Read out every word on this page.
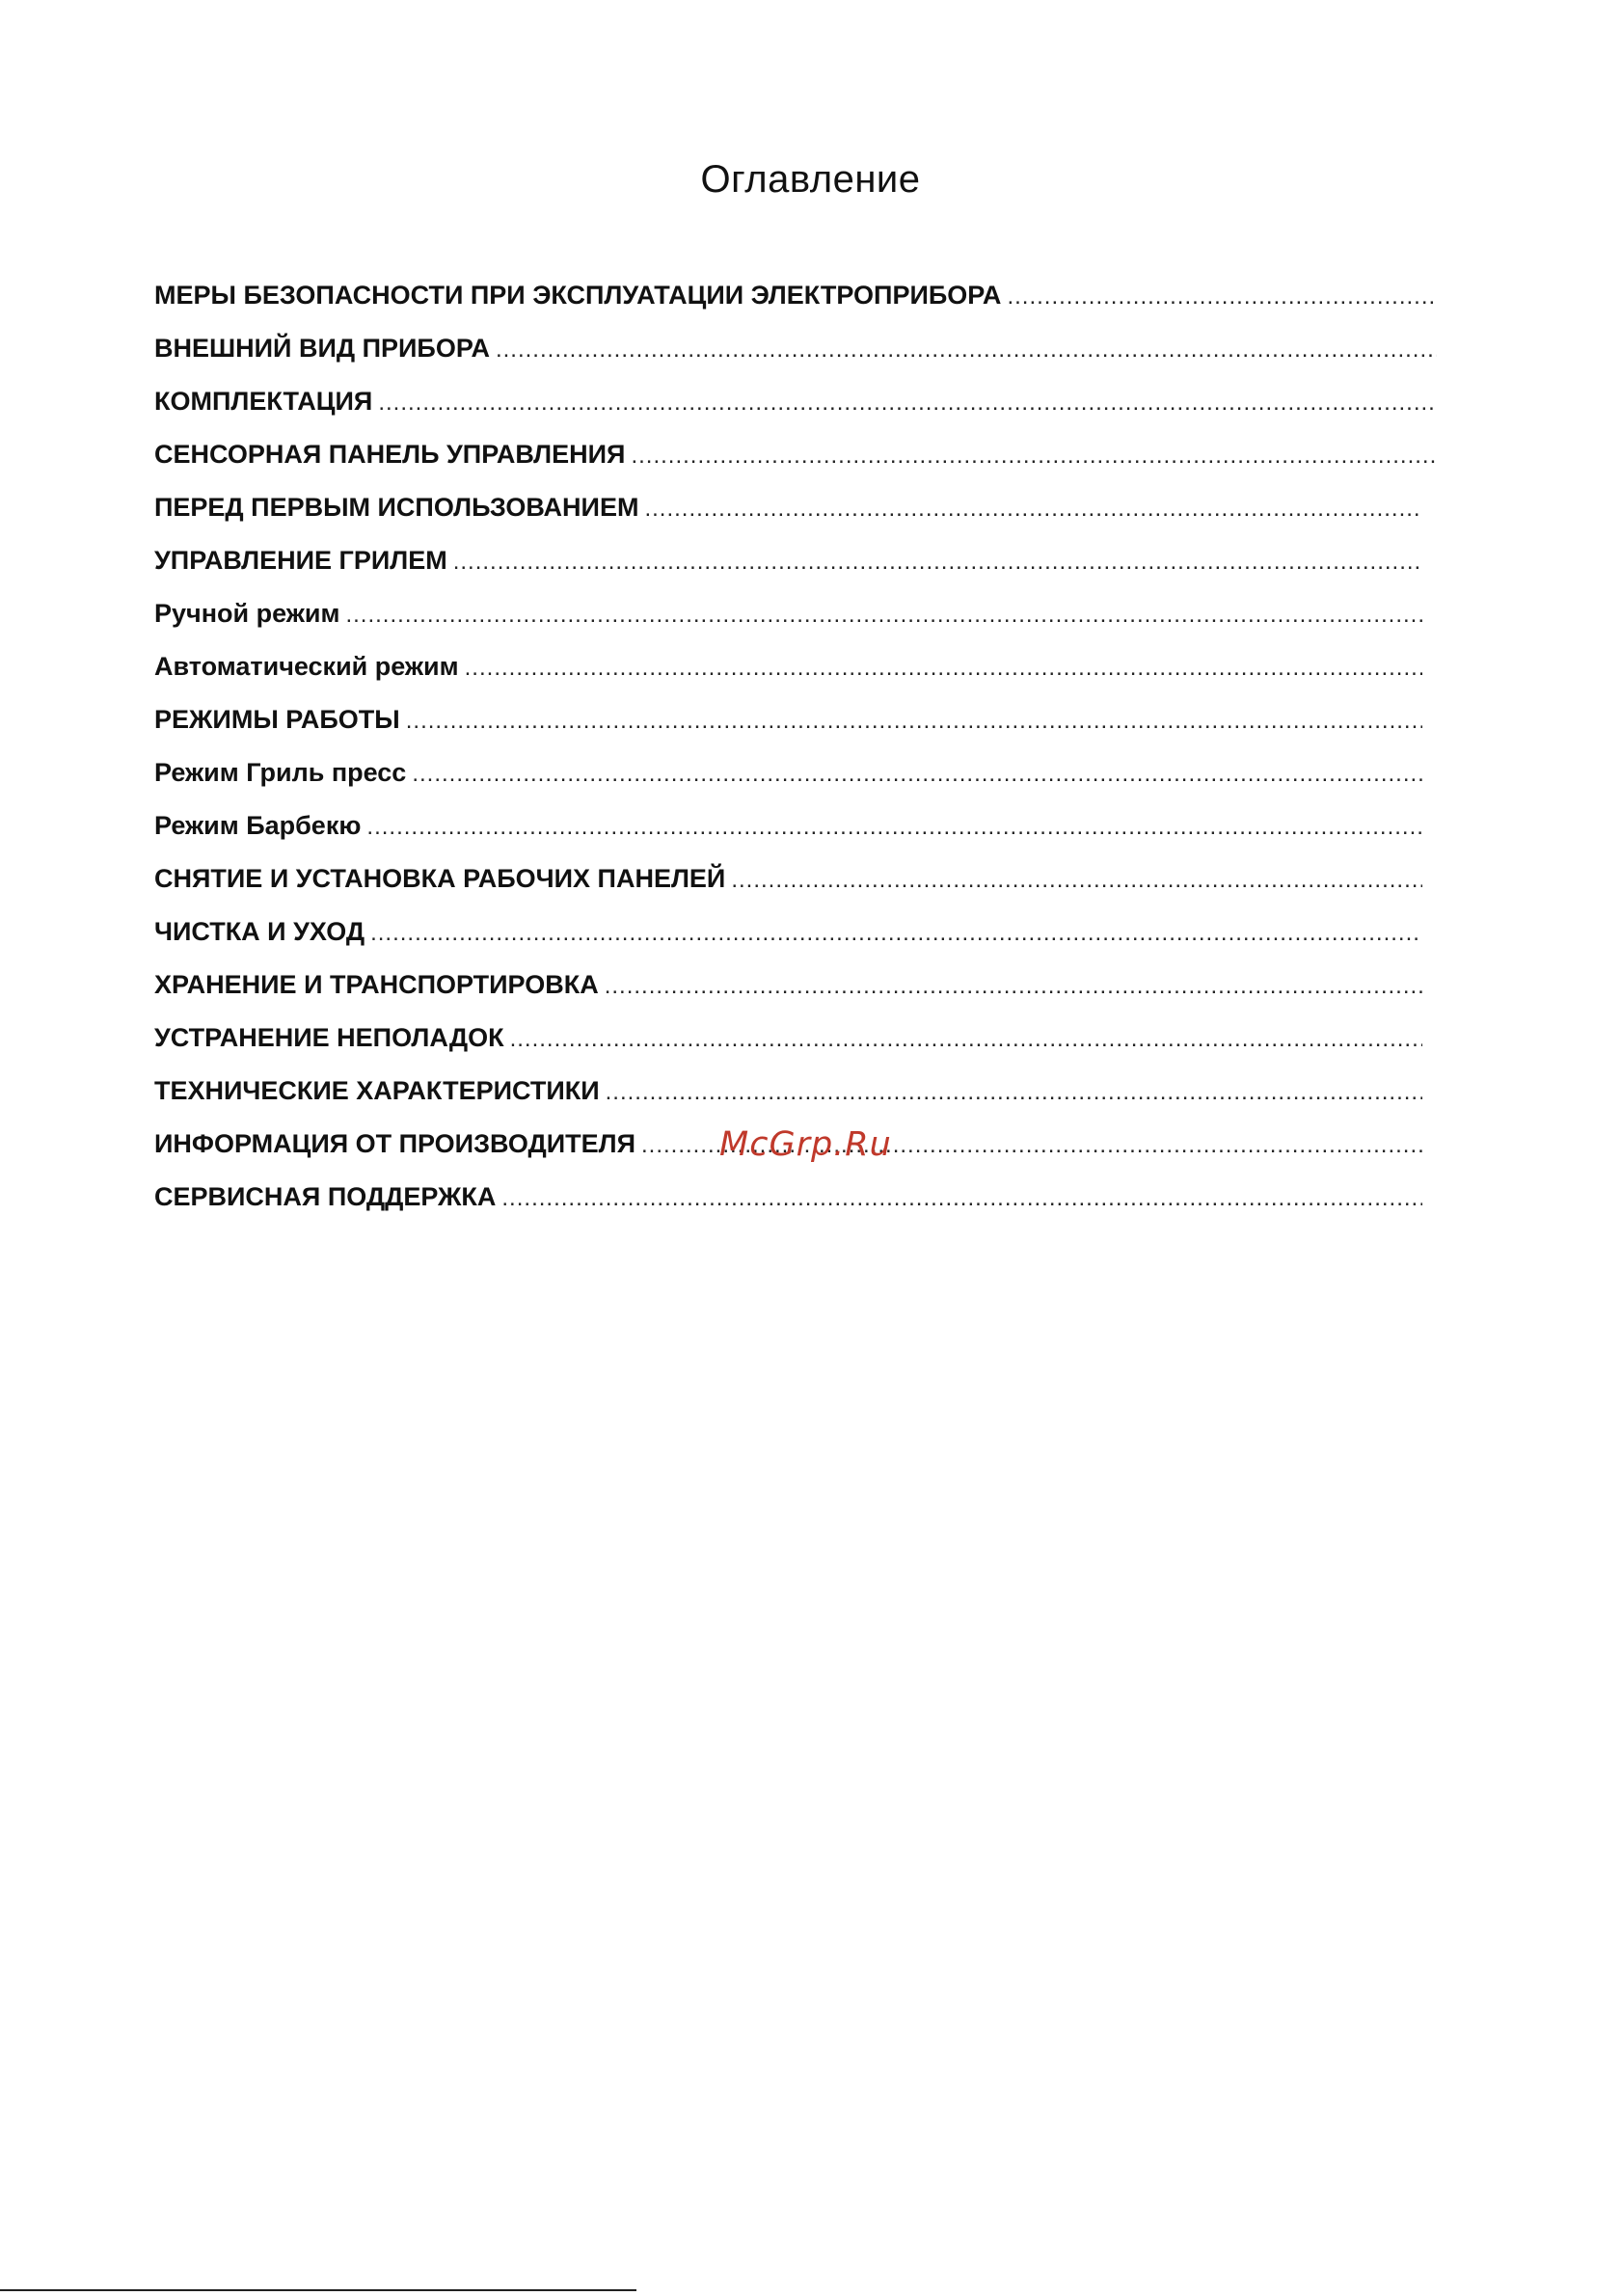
Оглавление
МЕРЫ БЕЗОПАСНОСТИ ПРИ ЭКСПЛУАТАЦИИ ЭЛЕКТРОПРИБОРА
.....
ВНЕШНИЙ ВИД ПРИБОРА
.....
КОМПЛЕКТАЦИЯ
.....
СЕНСОРНАЯ ПАНЕЛЬ УПРАВЛЕНИЯ
.....
ПЕРЕД ПЕРВЫМ ИСПОЛЬЗОВАНИЕМ
.....
УПРАВЛЕНИЕ ГРИЛЕМ
.....
Ручной режим
.....
Автоматический режим
.....
РЕЖИМЫ РАБОТЫ
.....
Режим Гриль пресс
.....
Режим Барбекю
.....
СНЯТИЕ И УСТАНОВКА РАБОЧИХ ПАНЕЛЕЙ
.....
ЧИСТКА И УХОД
.....
ХРАНЕНИЕ И ТРАНСПОРТИРОВКА
.....
УСТРАНЕНИЕ НЕПОЛАДОК
.....
ТЕХНИЧЕСКИЕ ХАРАКТЕРИСТИКИ
.....
ИНФОРМАЦИЯ ОТ ПРОИЗВОДИТЕЛЯ
.....
СЕРВИСНАЯ ПОДДЕРЖКА
.....
McGrp.Ru
